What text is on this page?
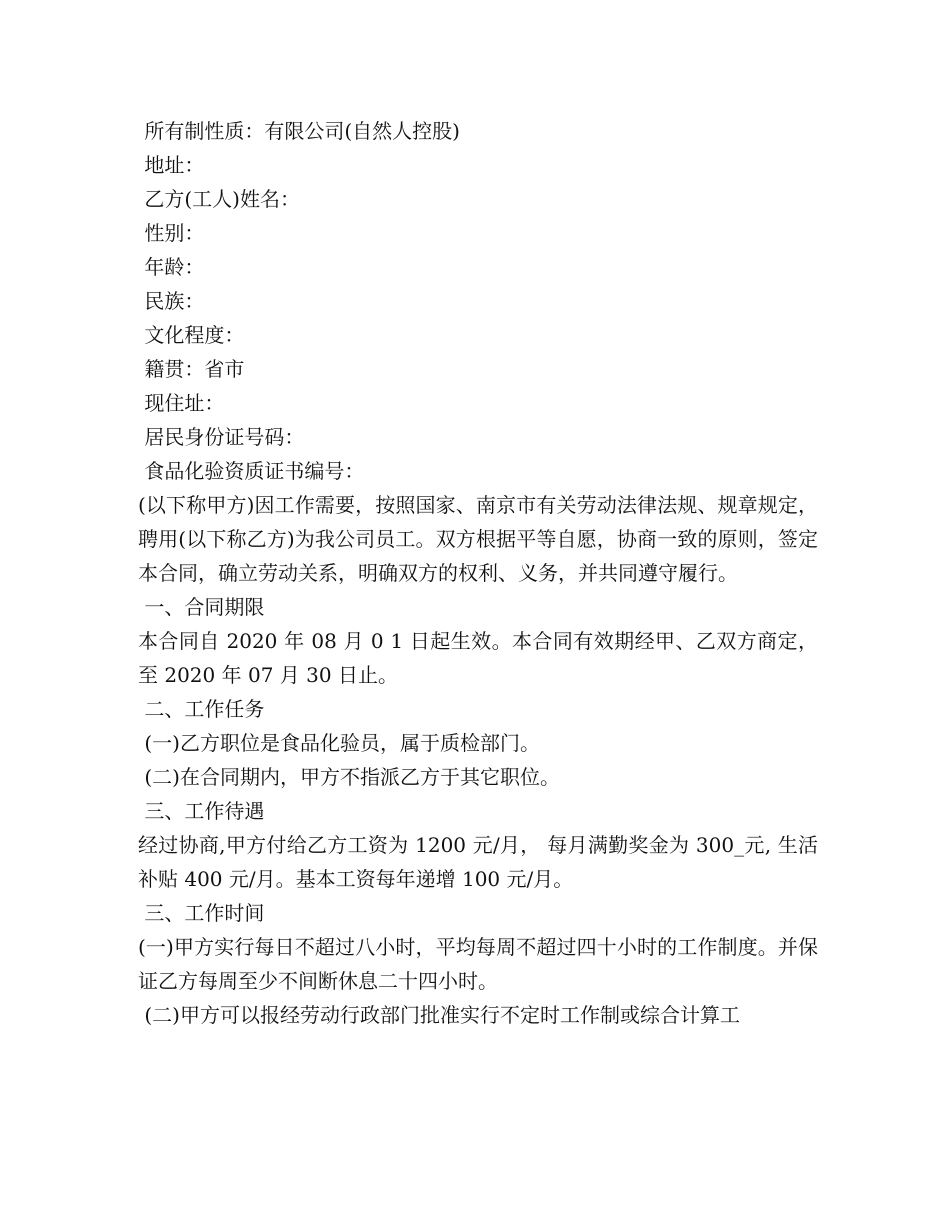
所有制性质：有限公司(自然人控股)

地址：

乙方(工人)姓名：

性别：

年龄：

民族：

文化程度：

籍贯：省市

现住址：

居民身份证号码：

食品化验资质证书编号：

(以下称甲方)因工作需要，按照国家、南京市有关劳动法律法规、规章规定，聘用(以下称乙方)为我公司员工。双方根据平等自愿，协商一致的原则，签定本合同，确立劳动关系，明确双方的权利、义务，并共同遵守履行。

一、合同期限

本合同自 2020 年 08 月 0 1 日起生效。本合同有效期经甲、乙双方商定， 至 2020 年 07 月 30 日止。

二、工作任务

(一)乙方职位是食品化验员，属于质检部门。

(二)在合同期内，甲方不指派乙方于其它职位。

三、工作待遇

经过协商,甲方付给乙方工资为 1200 元/月， 每月满勤奖金为 300_元, 生活补贴 400 元/月。基本工资每年递增 100 元/月。

三、工作时间

(一)甲方实行每日不超过八小时，平均每周不超过四十小时的工作制度。并保证乙方每周至少不间断休息二十四小时。

(二)甲方可以报经劳动行政部门批准实行不定时工作制或综合计算工
